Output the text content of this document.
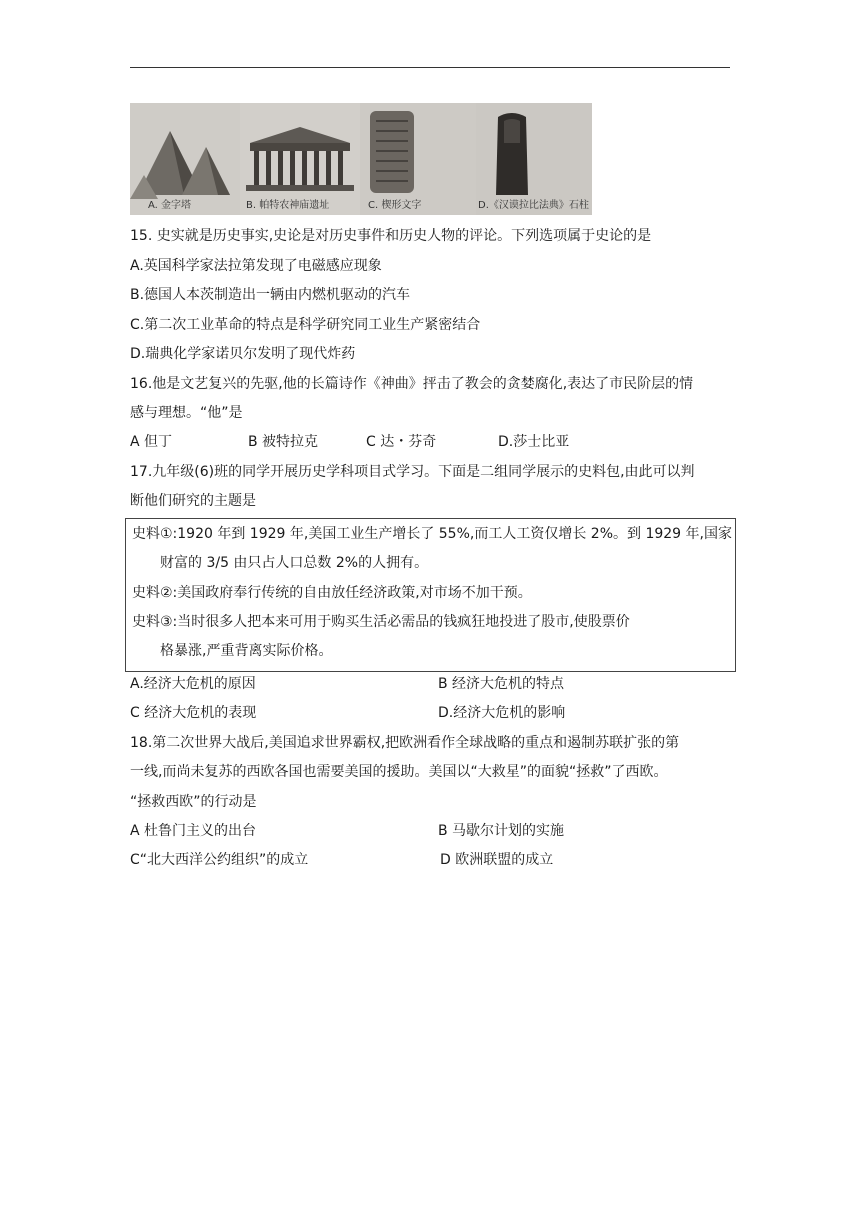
A. 金字塔	B. 帕特农神庙遗址	C. 楔形文字	D.《汉谟拉比法典》石柱
15. 史实就是历史事实,史论是对历史事件和历史人物的评论。下列选项属于史论的是
A.英国科学家法拉第发现了电磁感应现象
B.德国人本茨制造出一辆由内燃机驱动的汽车
C.第二次工业革命的特点是科学研究同工业生产紧密结合
D.瑞典化学家诺贝尔发明了现代炸药
16.他是文艺复兴的先驱,他的长篇诗作《神曲》抨击了教会的贪婪腐化,表达了市民阶层的情
感与理想。“他”是
A 但丁	B 被特拉克	C 达・芬奇	D.莎士比亚
17.九年级(6)班的同学开展历史学科项目式学习。下面是二组同学展示的史料包,由此可以判
断他们研究的主题是
史料①:1920 年到 1929 年,美国工业生产增长了 55%,而工人工资仅增长 2%。到 1929 年,国家
财富的 3/5 由只占人口总数 2%的人拥有。
史料②:美国政府奉行传统的自由放任经济政策,对市场不加干预。
史料③:当时很多人把本来可用于购买生活必需品的钱疯狂地投进了股市,使股票价
格暴涨,严重背离实际价格。
A.经济大危机的原因	B 经济大危机的特点
C 经济大危机的表现	D.经济大危机的影响
18.第二次世界大战后,美国追求世界霸权,把欧洲看作全球战略的重点和遏制苏联扩张的第
一线,而尚未复苏的西欧各国也需要美国的援助。美国以“大救星”的面貌“拯救”了西欧。
“拯救西欧”的行动是
A 杜鲁门主义的出台	B 马歇尔计划的实施
C“北大西洋公约组织”的成立	D 欧洲联盟的成立
